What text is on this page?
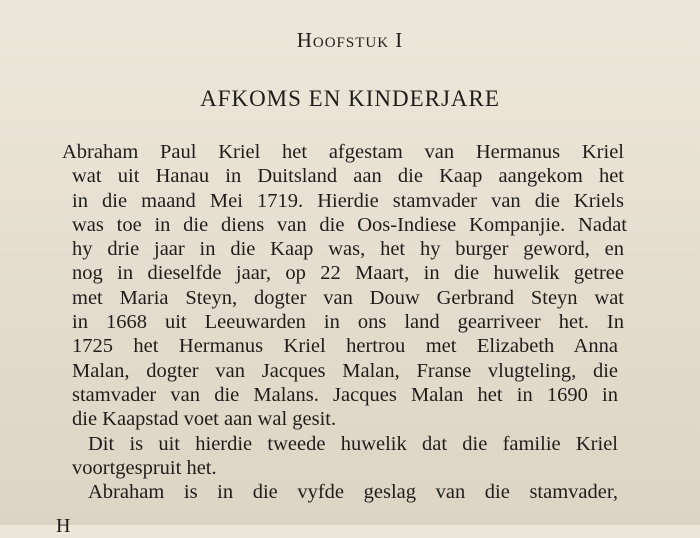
Hoofstuk I
AFKOMS EN KINDERJARE
Abraham Paul Kriel het afgestam van Hermanus Kriel
wat uit Hanau in Duitsland aan die Kaap aangekom het
in die maand Mei 1719. Hierdie stamvader van die Kriels
was toe in die diens van die Oos-Indiese Kompanjie. Nadat
hy drie jaar in die Kaap was, het hy burger geword, en
nog in dieselfde jaar, op 22 Maart, in die huwelik getree
met Maria Steyn, dogter van Douw Gerbrand Steyn wat
in 1668 uit Leeuwarden in ons land gearriveer het. In
1725 het Hermanus Kriel hertrou met Elizabeth Anna
Malan, dogter van Jacques Malan, Franse vlugteling, die
stamvader van die Malans. Jacques Malan het in 1690 in
die Kaapstad voet aan wal gesit.
Dit is uit hierdie tweede huwelik dat die familie Kriel
voortgespruit het.
Abraham is in die vyfde geslag van die stamvader,
H
